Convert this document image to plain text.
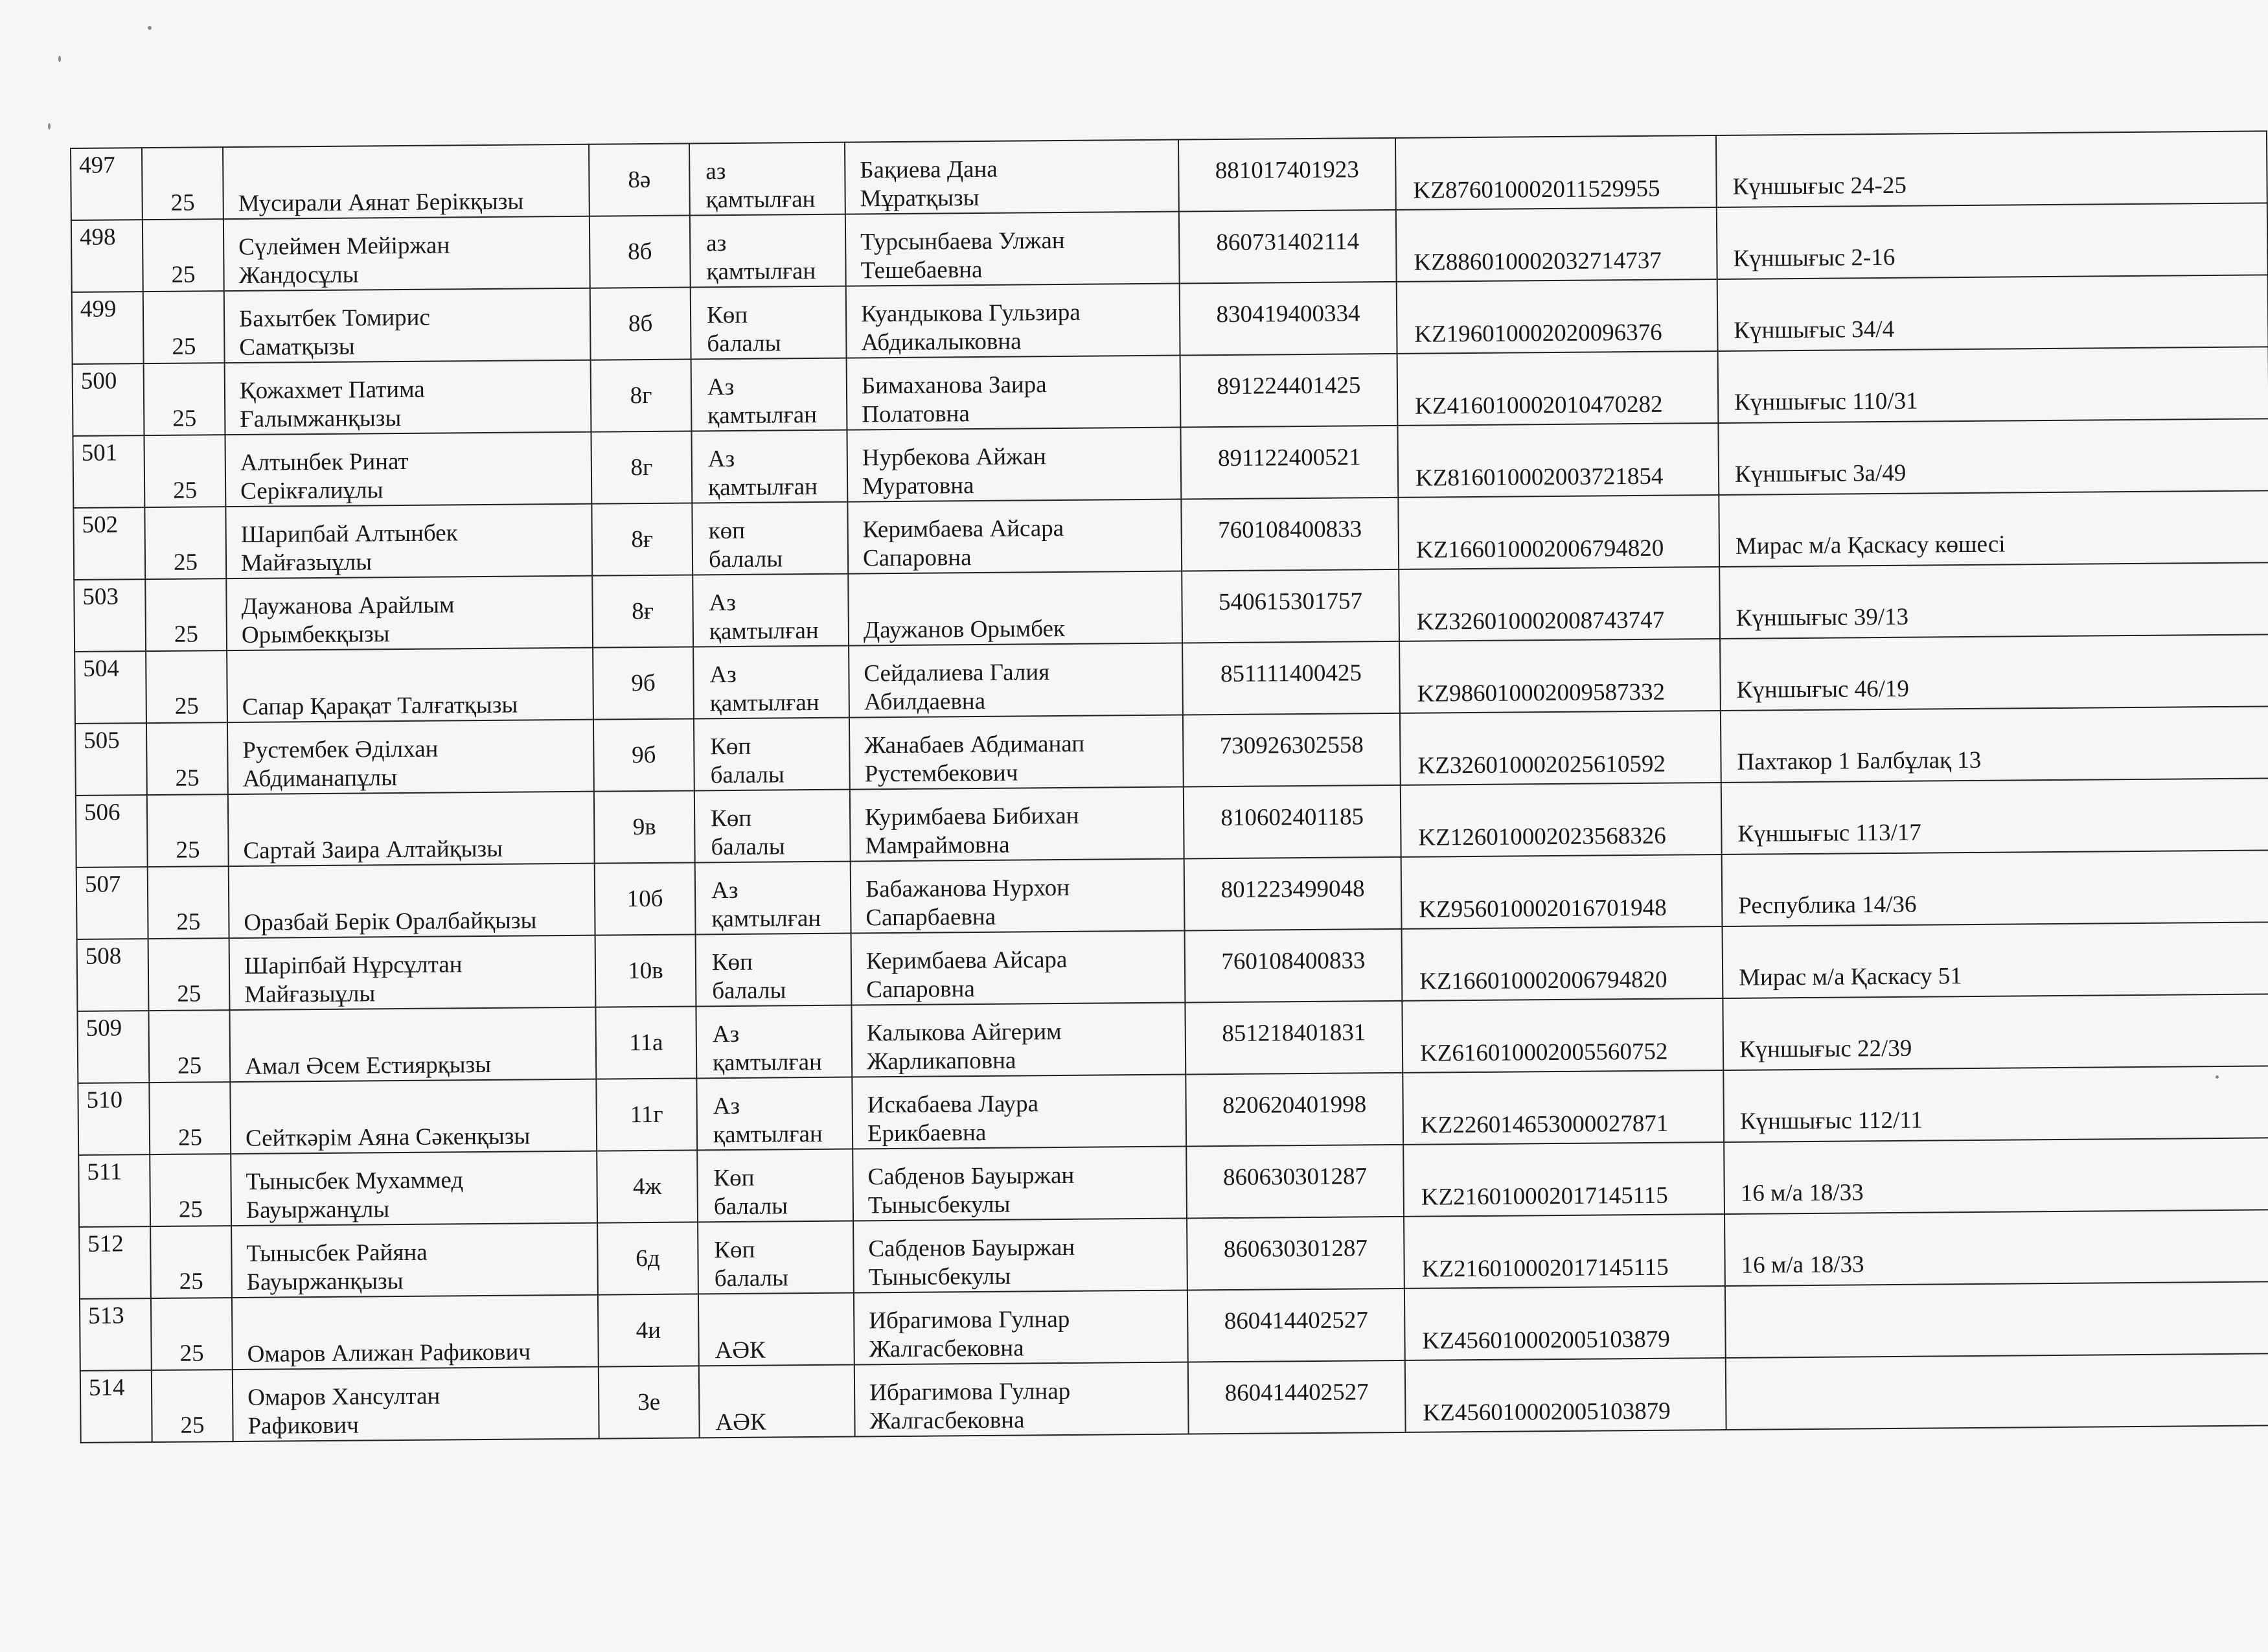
497	25	Мусирали Аянат Берікқызы	8ә	аз
қамтылған	Бақиева Дана
Мұратқызы	881017401923	KZ876010002011529955	Күншығыс 24-25

498	25	Сүлеймен Мейіржан
Жандосұлы	8б	аз
қамтылған	Турсынбаева Улжан
Тешебаевна	860731402114	KZ886010002032714737	Күншығыс 2-16

499	25	Бахытбек Томирис
Саматқызы	8б	Көп
балалы	Куандыкова Гульзира
Абдикалыковна	830419400334	KZ196010002020096376	Күншығыс 34/4

500	25	Қожахмет Патима
Ғалымжанқызы	8г	Аз
қамтылған	Бимаханова Заира
Полатовна	891224401425	KZ416010002010470282	Күншығыс 110/31

501	25	Алтынбек Ринат
Серікғалиұлы	8г	Аз
қамтылған	Нурбекова Айжан
Муратовна	891122400521	KZ816010002003721854	Күншығыс 3а/49

502	25	Шарипбай Алтынбек
Майғазыұлы	8ғ	көп
балалы	Керимбаева Айсара
Сапаровна	760108400833	KZ166010002006794820	Мирас м/а Қаскасу көшесі

503	25	Даужанова Арайлым
Орымбекқызы	8ғ	Аз
қамтылған	Даужанов Орымбек	540615301757	KZ326010002008743747	Күншығыс 39/13

504	25	Сапар Қарақат Талғатқызы	9б	Аз
қамтылған	Сейдалиева Галия
Абилдаевна	851111400425	KZ986010002009587332	Күншығыс 46/19

505	25	Рустембек Әділхан
Абдиманапұлы	9б	Көп
балалы	Жанабаев Абдиманап
Рустембекович	730926302558	KZ326010002025610592	Пахтакор 1 Балбұлақ 13

506	25	Сартай Заира Алтайқызы	9в	Көп
балалы	Куримбаева Бибихан
Мамраймовна	810602401185	KZ126010002023568326	Күншығыс 113/17

507	25	Оразбай Берік Оралбайқызы	10б	Аз
қамтылған	Бабажанова Нурхон
Сапарбаевна	801223499048	KZ956010002016701948	Республика 14/36

508	25	Шаріпбай Нұрсұлтан
Майғазыұлы	10в	Көп
балалы	Керимбаева Айсара
Сапаровна	760108400833	KZ166010002006794820	Мирас м/а Қаскасу 51

509	25	Амал Әсем Естиярқызы	11а	Аз
қамтылған	Калыкова Айгерим
Жарликаповна	851218401831	KZ616010002005560752	Күншығыс 22/39

510	25	Сейткәрім Аяна Сәкенқызы	11г	Аз
қамтылған	Искабаева Лаура
Ерикбаевна	820620401998	KZ226014653000027871	Күншығыс 112/11

511	25	Тынысбек Мухаммед
Бауыржанұлы	4ж	Көп
балалы	Сабденов Бауыржан
Тынысбекулы	860630301287	KZ216010002017145115	16 м/а 18/33

512	25	Тынысбек Райяна
Бауыржанқызы	6д	Көп
балалы	Сабденов Бауыржан
Тынысбекулы	860630301287	KZ216010002017145115	16 м/а 18/33

513	25	Омаров Алижан Рафикович	4и	АӘК	Ибрагимова Гулнар
Жалгасбековна	860414402527	KZ456010002005103879	

514	25	Омаров Хансултан
Рафикович	3е	АӘК	Ибрагимова Гулнар
Жалгасбековна	860414402527	KZ456010002005103879	
